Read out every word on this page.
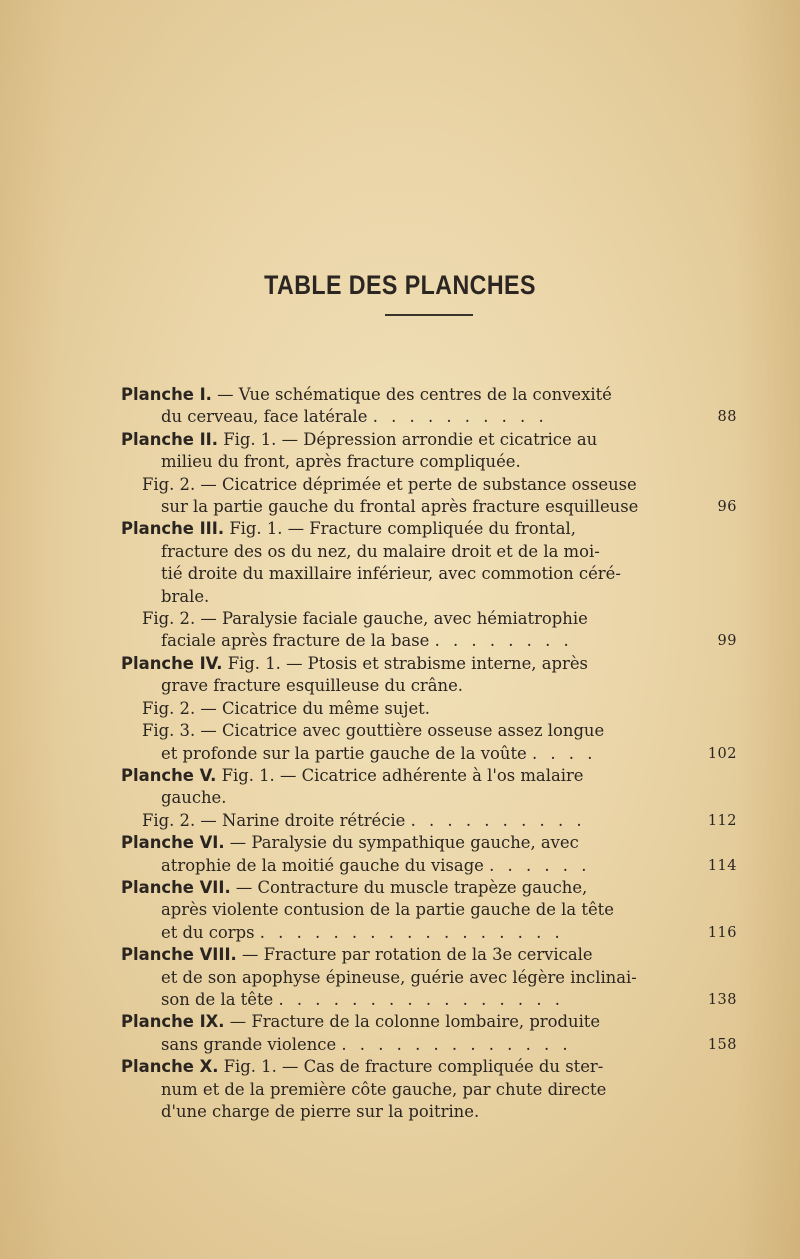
TABLE DES PLANCHES
Planche I. — Vue schématique des centres de la convexité
du cerveau, face latérale . . . . . . . . . .	88
Planche II. Fig. 1. — Dépression arrondie et cicatrice au
milieu du front, après fracture compliquée.
Fig. 2. — Cicatrice déprimée et perte de substance osseuse
sur la partie gauche du frontal après fracture esquilleuse	96
Planche III. Fig. 1. — Fracture compliquée du frontal,
fracture des os du nez, du malaire droit et de la moi-
tié droite du maxillaire inférieur, avec commotion céré-
brale.
Fig. 2. — Paralysie faciale gauche, avec hémiatrophie
faciale après fracture de la base . . . . . . . .	99
Planche IV. Fig. 1. — Ptosis et strabisme interne, après
grave fracture esquilleuse du crâne.
Fig. 2. — Cicatrice du même sujet.
Fig. 3. — Cicatrice avec gouttière osseuse assez longue
et profonde sur la partie gauche de la voûte . . . .	102
Planche V. Fig. 1. — Cicatrice adhérente à l'os malaire
gauche.
Fig. 2. — Narine droite rétrécie . . . . . . . . . .	112
Planche VI. — Paralysie du sympathique gauche, avec
atrophie de la moitié gauche du visage . . . . . .	114
Planche VII. — Contracture du muscle trapèze gauche,
après violente contusion de la partie gauche de la tête
et du corps . . . . . . . . . . . . . . . . .	116
Planche VIII. — Fracture par rotation de la 3e cervicale
et de son apophyse épineuse, guérie avec légère inclinai-
son de la tête . . . . . . . . . . . . . . . .	138
Planche IX. — Fracture de la colonne lombaire, produite
sans grande violence . . . . . . . . . . . . .	158
Planche X. Fig. 1. — Cas de fracture compliquée du ster-
num et de la première côte gauche, par chute directe
d'une charge de pierre sur la poitrine.
